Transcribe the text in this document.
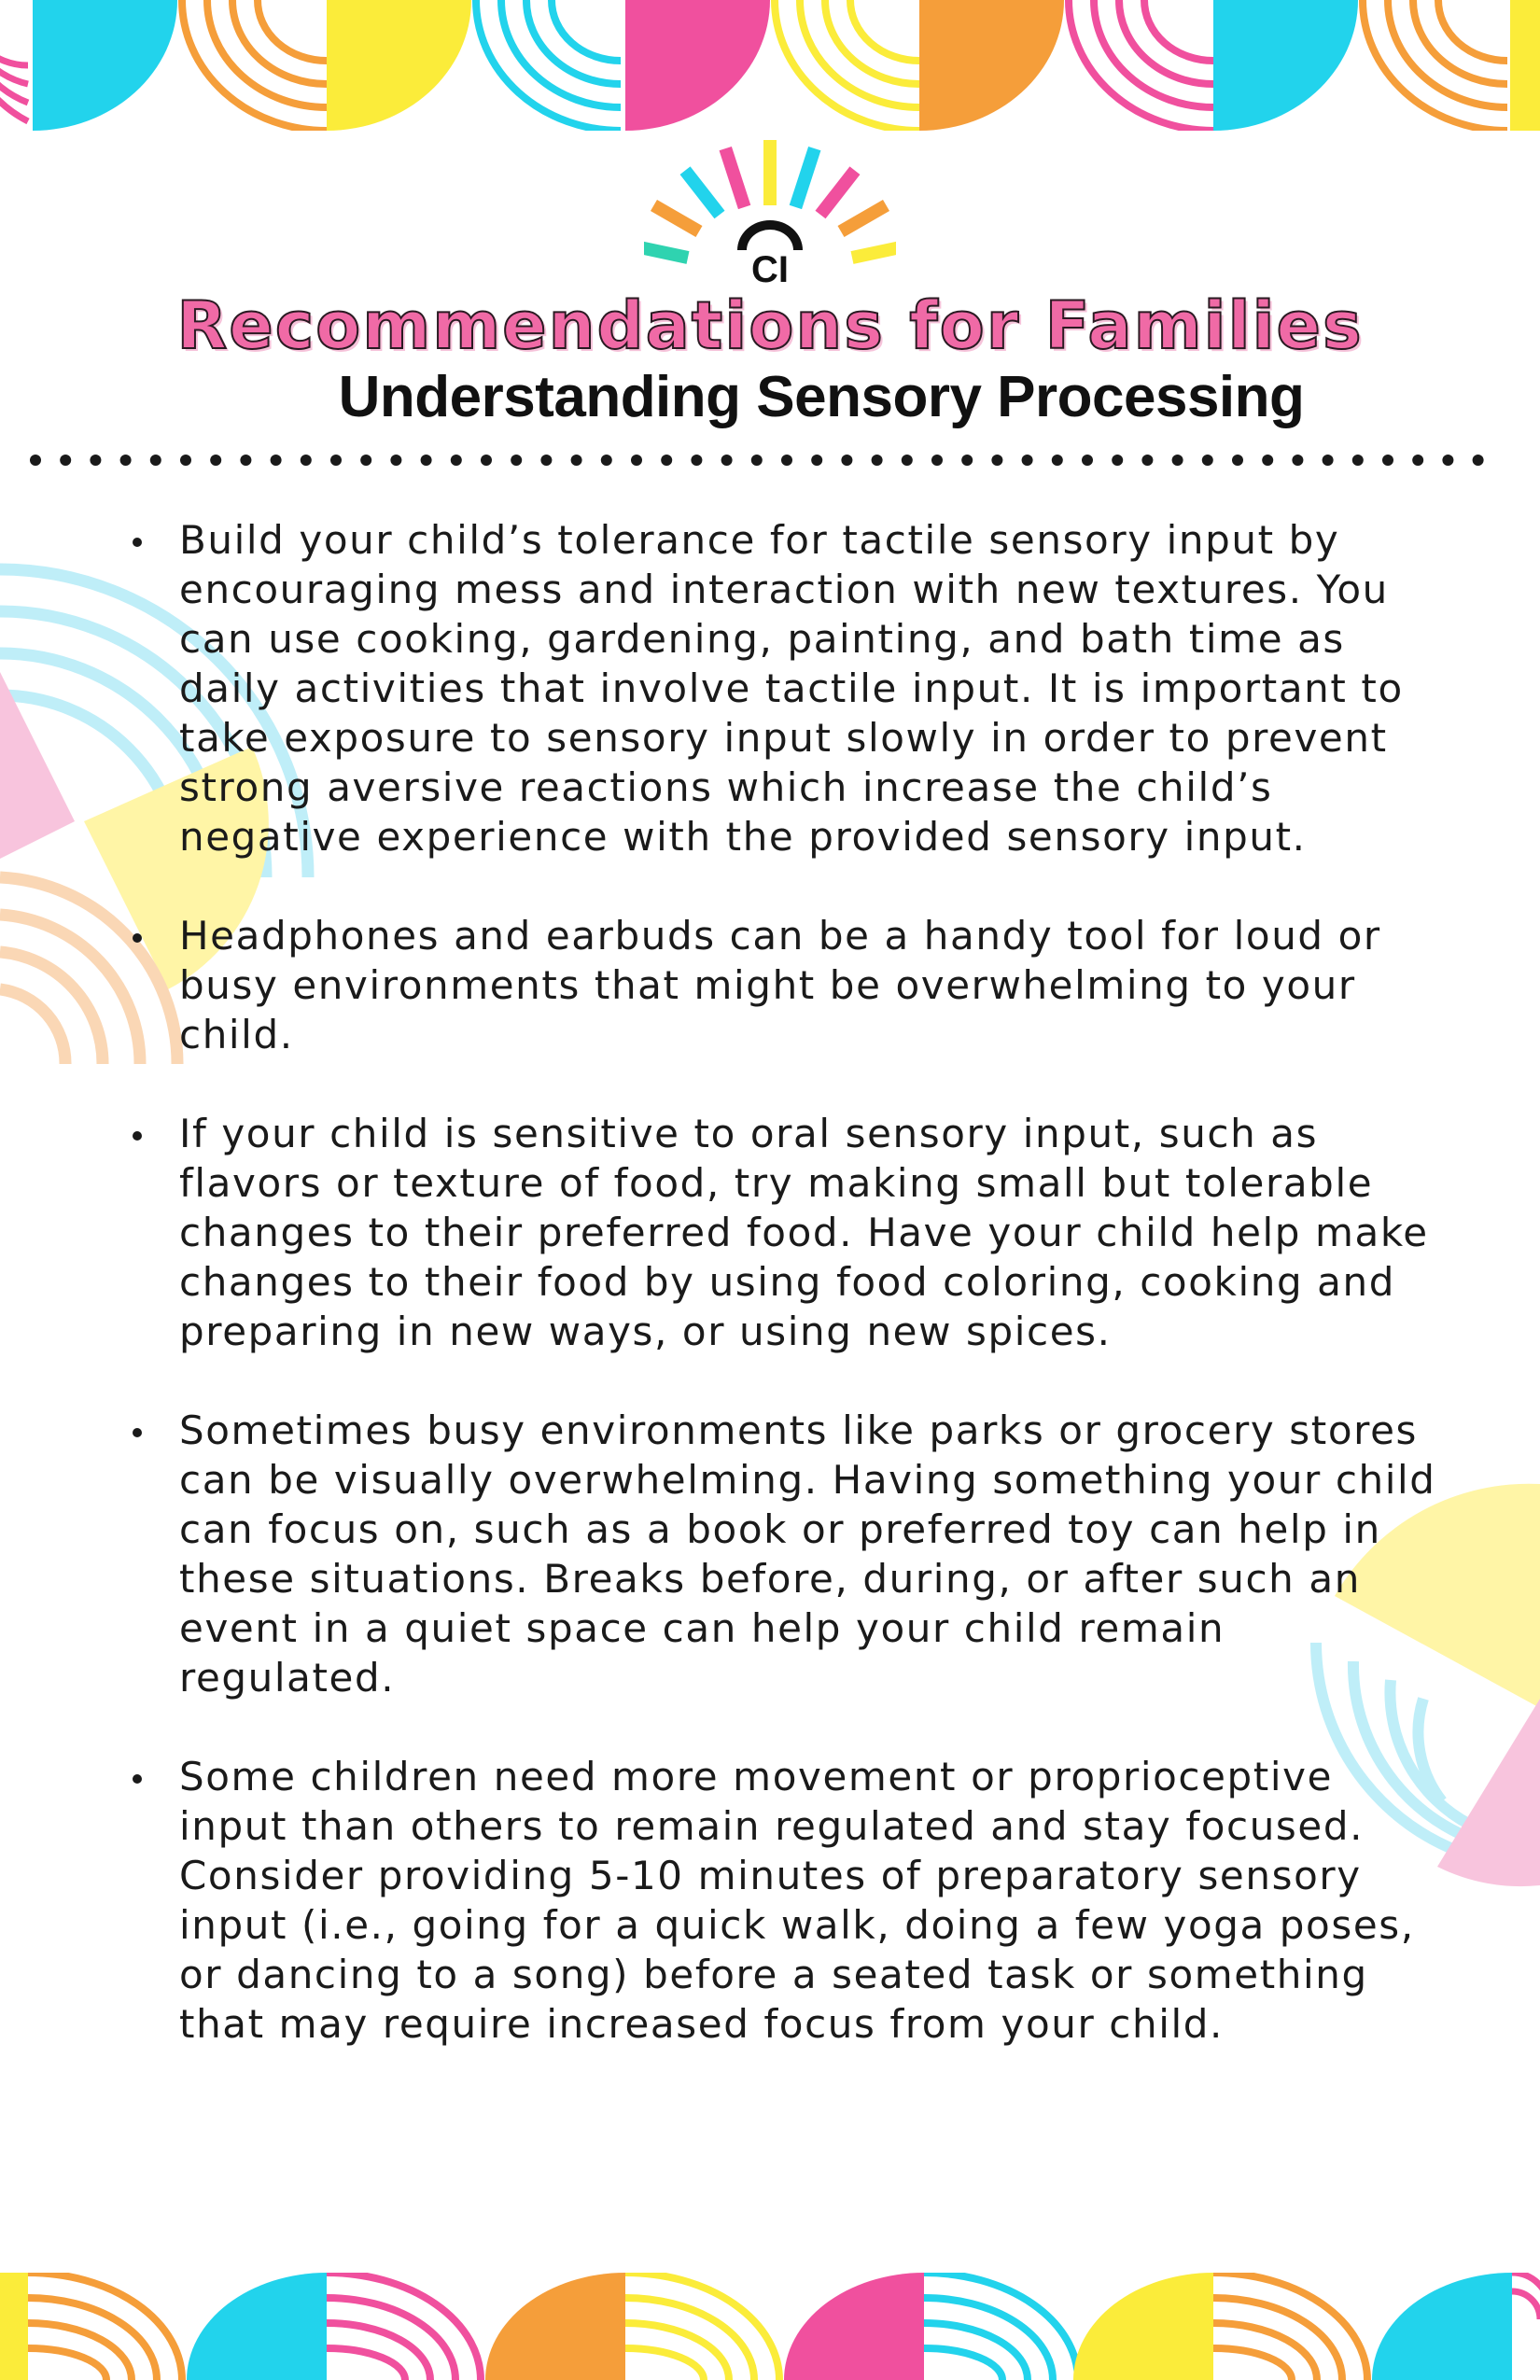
CI
Recommendations for Families
Understanding Sensory Processing
Build your child’s tolerance for tactile sensory input by encouraging mess and interaction with new textures. You can use cooking, gardening, painting, and bath time as daily activities that involve tactile input. It is important to take exposure to sensory input slowly in order to prevent strong aversive reactions which increase the child’s negative experience with the provided sensory input.
Headphones and earbuds can be a handy tool for loud or busy environments that might be overwhelming to your child.
If your child is sensitive to oral sensory input, such as flavors or texture of food, try making small but tolerable changes to their preferred food. Have your child help make changes to their food by using food coloring, cooking and preparing in new ways, or using new spices.
Sometimes busy environments like parks or grocery stores can be visually overwhelming. Having something your child can focus on, such as a book or preferred toy can help in these situations. Breaks before, during, or after such an event in a quiet space can help your child remain regulated.
Some children need more movement or proprioceptive input than others to remain regulated and stay focused. Consider providing 5-10 minutes of preparatory sensory input (i.e., going for a quick walk, doing a few yoga poses, or dancing to a song) before a seated task or something that may require increased focus from your child.
